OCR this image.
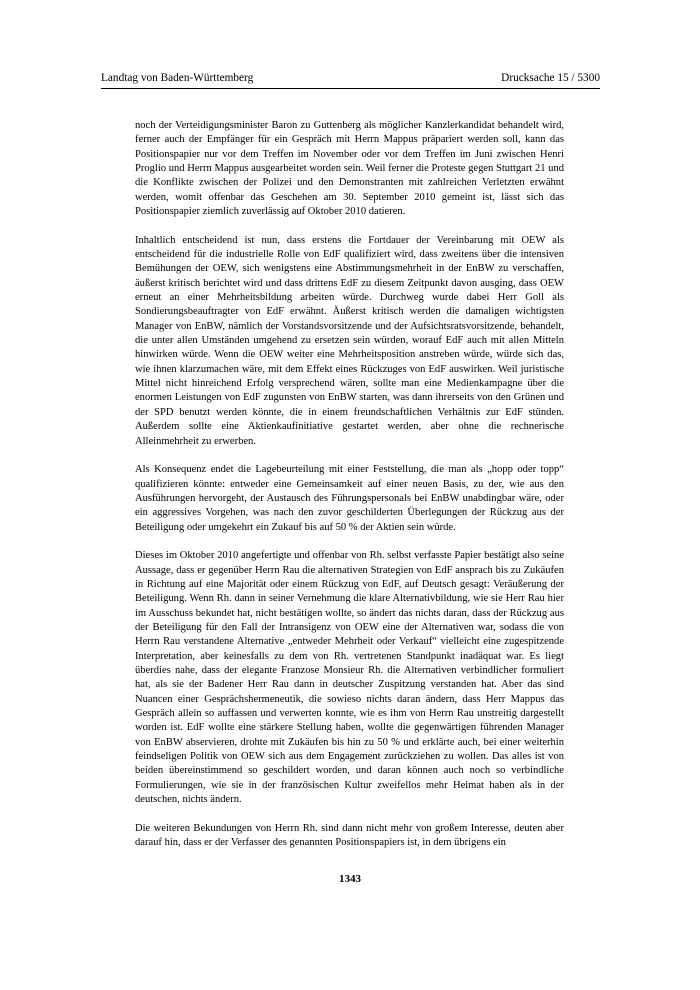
Landtag von Baden-Württemberg	Drucksache 15 / 5300

noch der Verteidigungsminister Baron zu Guttenberg als möglicher Kanzlerkandidat behandelt wird, ferner auch der Empfänger für ein Gespräch mit Herrn Mappus präpariert werden soll, kann das Positionspapier nur vor dem Treffen im November oder vor dem Treffen im Juni zwischen Henri Proglio und Herrn Mappus ausgearbeitet worden sein. Weil ferner die Proteste gegen Stuttgart 21 und die Konflikte zwischen der Polizei und den Demonstranten mit zahlreichen Verletzten erwähnt werden, womit offenbar das Geschehen am 30. September 2010 gemeint ist, lässt sich das Positionspapier ziemlich zuverlässig auf Oktober 2010 datieren.

Inhaltlich entscheidend ist nun, dass erstens die Fortdauer der Vereinbarung mit OEW als entscheidend für die industrielle Rolle von EdF qualifiziert wird, dass zweitens über die intensiven Bemühungen der OEW, sich wenigstens eine Abstimmungsmehrheit in der EnBW zu verschaffen, äußerst kritisch berichtet wird und dass drittens EdF zu diesem Zeitpunkt davon ausging, dass OEW erneut an einer Mehrheitsbildung arbeiten würde. Durchweg wurde dabei Herr Goll als Sondierungsbeauftragter von EdF erwähnt. Äußerst kritisch werden die damaligen wichtigsten Manager von EnBW, nämlich der Vorstandsvorsitzende und der Aufsichtsratsvorsitzende, behandelt, die unter allen Umständen umgehend zu ersetzen sein würden, worauf EdF auch mit allen Mitteln hinwirken würde. Wenn die OEW weiter eine Mehrheitsposition anstreben würde, würde sich das, wie ihnen klarzumachen wäre, mit dem Effekt eines Rückzuges von EdF auswirken. Weil juristische Mittel nicht hinreichend Erfolg versprechend wären, sollte man eine Medienkampagne über die enormen Leistungen von EdF zugunsten von EnBW starten, was dann ihrerseits von den Grünen und der SPD benutzt werden könnte, die in einem freundschaftlichen Verhältnis zur EdF stünden. Außerdem sollte eine Aktienkaufinitiative gestartet werden, aber ohne die rechnerische Alleinmehrheit zu erwerben.

Als Konsequenz endet die Lagebeurteilung mit einer Feststellung, die man als „hopp oder topp“ qualifizieren könnte: entweder eine Gemeinsamkeit auf einer neuen Basis, zu der, wie aus den Ausführungen hervorgeht, der Austausch des Führungspersonals bei EnBW unabdingbar wäre, oder ein aggressives Vorgehen, was nach den zuvor geschilderten Überlegungen der Rückzug aus der Beteiligung oder umgekehrt ein Zukauf bis auf 50 % der Aktien sein würde.

Dieses im Oktober 2010 angefertigte und offenbar von Rh. selbst verfasste Papier bestätigt also seine Aussage, dass er gegenüber Herrn Rau die alternativen Strategien von EdF ansprach bis zu Zukäufen in Richtung auf eine Majorität oder einem Rückzug von EdF, auf Deutsch gesagt: Veräußerung der Beteiligung. Wenn Rh. dann in seiner Vernehmung die klare Alternativbildung, wie sie Herr Rau hier im Ausschuss bekundet hat, nicht bestätigen wollte, so ändert das nichts daran, dass der Rückzug aus der Beteiligung für den Fall der Intransigenz von OEW eine der Alternativen war, sodass die von Herrn Rau verstandene Alternative „entweder Mehrheit oder Verkauf“ vielleicht eine zugespitzende Interpretation, aber keinesfalls zu dem von Rh. vertretenen Standpunkt inadäquat war. Es liegt überdies nahe, dass der elegante Franzose Monsieur Rh. die Alternativen verbindlicher formuliert hat, als sie der Badener Herr Rau dann in deutscher Zuspitzung verstanden hat. Aber das sind Nuancen einer Gesprächshermeneutik, die sowieso nichts daran ändern, dass Herr Mappus das Gespräch allein so auffassen und verwerten konnte, wie es ihm von Herrn Rau unstreitig dargestellt worden ist. EdF wollte eine stärkere Stellung haben, wollte die gegenwärtigen führenden Manager von EnBW abservieren, drohte mit Zukäufen bis hin zu 50 % und erklärte auch, bei einer weiterhin feindseligen Politik von OEW sich aus dem Engagement zurückziehen zu wollen. Das alles ist von beiden übereinstimmend so geschildert worden, und daran können auch noch so verbindliche Formulierungen, wie sie in der französischen Kultur zweifellos mehr Heimat haben als in der deutschen, nichts ändern.

Die weiteren Bekundungen von Herrn Rh. sind dann nicht mehr von großem Interesse, deuten aber darauf hin, dass er der Verfasser des genannten Positionspapiers ist, in dem übrigens ein

1343
